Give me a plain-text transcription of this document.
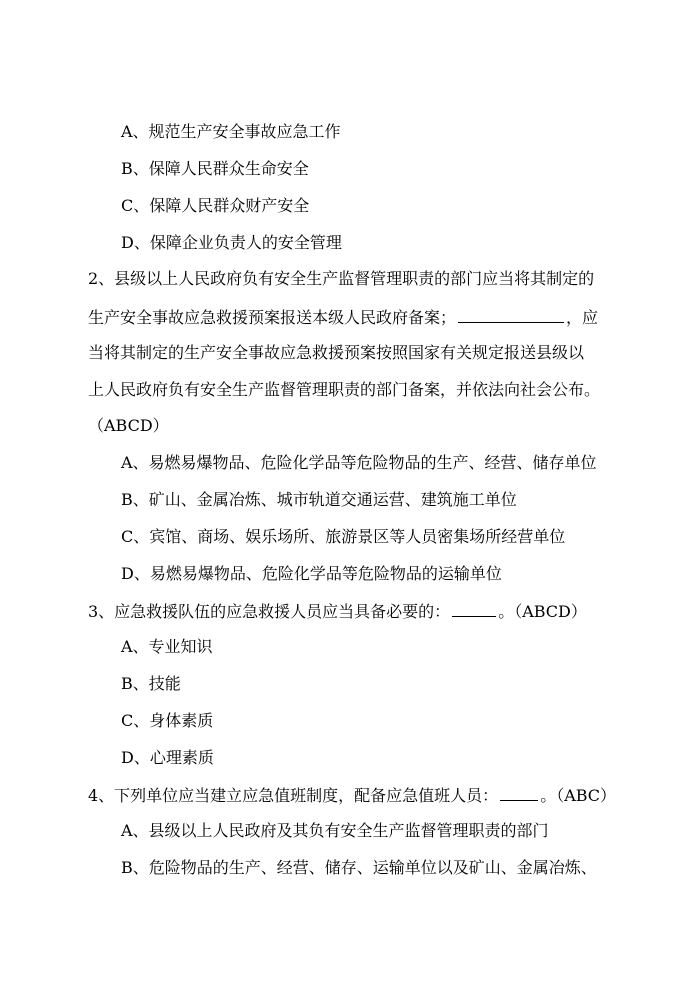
A、规范生产安全事故应急工作
B、保障人民群众生命安全
C、保障人民群众财产安全
D、保障企业负责人的安全管理
2、县级以上人民政府负有安全生产监督管理职责的部门应当将其制定的
生产安全事故应急救援预案报送本级人民政府备案；	，应
当将其制定的生产安全事故应急救援预案按照国家有关规定报送县级以
上人民政府负有安全生产监督管理职责的部门备案，并依法向社会公布。
（ABCD）
A、易燃易爆物品、危险化学品等危险物品的生产、经营、储存单位
B、矿山、金属冶炼、城市轨道交通运营、建筑施工单位
C、宾馆、商场、娱乐场所、旅游景区等人员密集场所经营单位
D、易燃易爆物品、危险化学品等危险物品的运输单位
3、应急救援队伍的应急救援人员应当具备必要的：	。（ABCD）
A、专业知识
B、技能
C、身体素质
D、心理素质
4、下列单位应当建立应急值班制度，配备应急值班人员：	。（ABC）
A、县级以上人民政府及其负有安全生产监督管理职责的部门
B、危险物品的生产、经营、储存、运输单位以及矿山、金属冶炼、
